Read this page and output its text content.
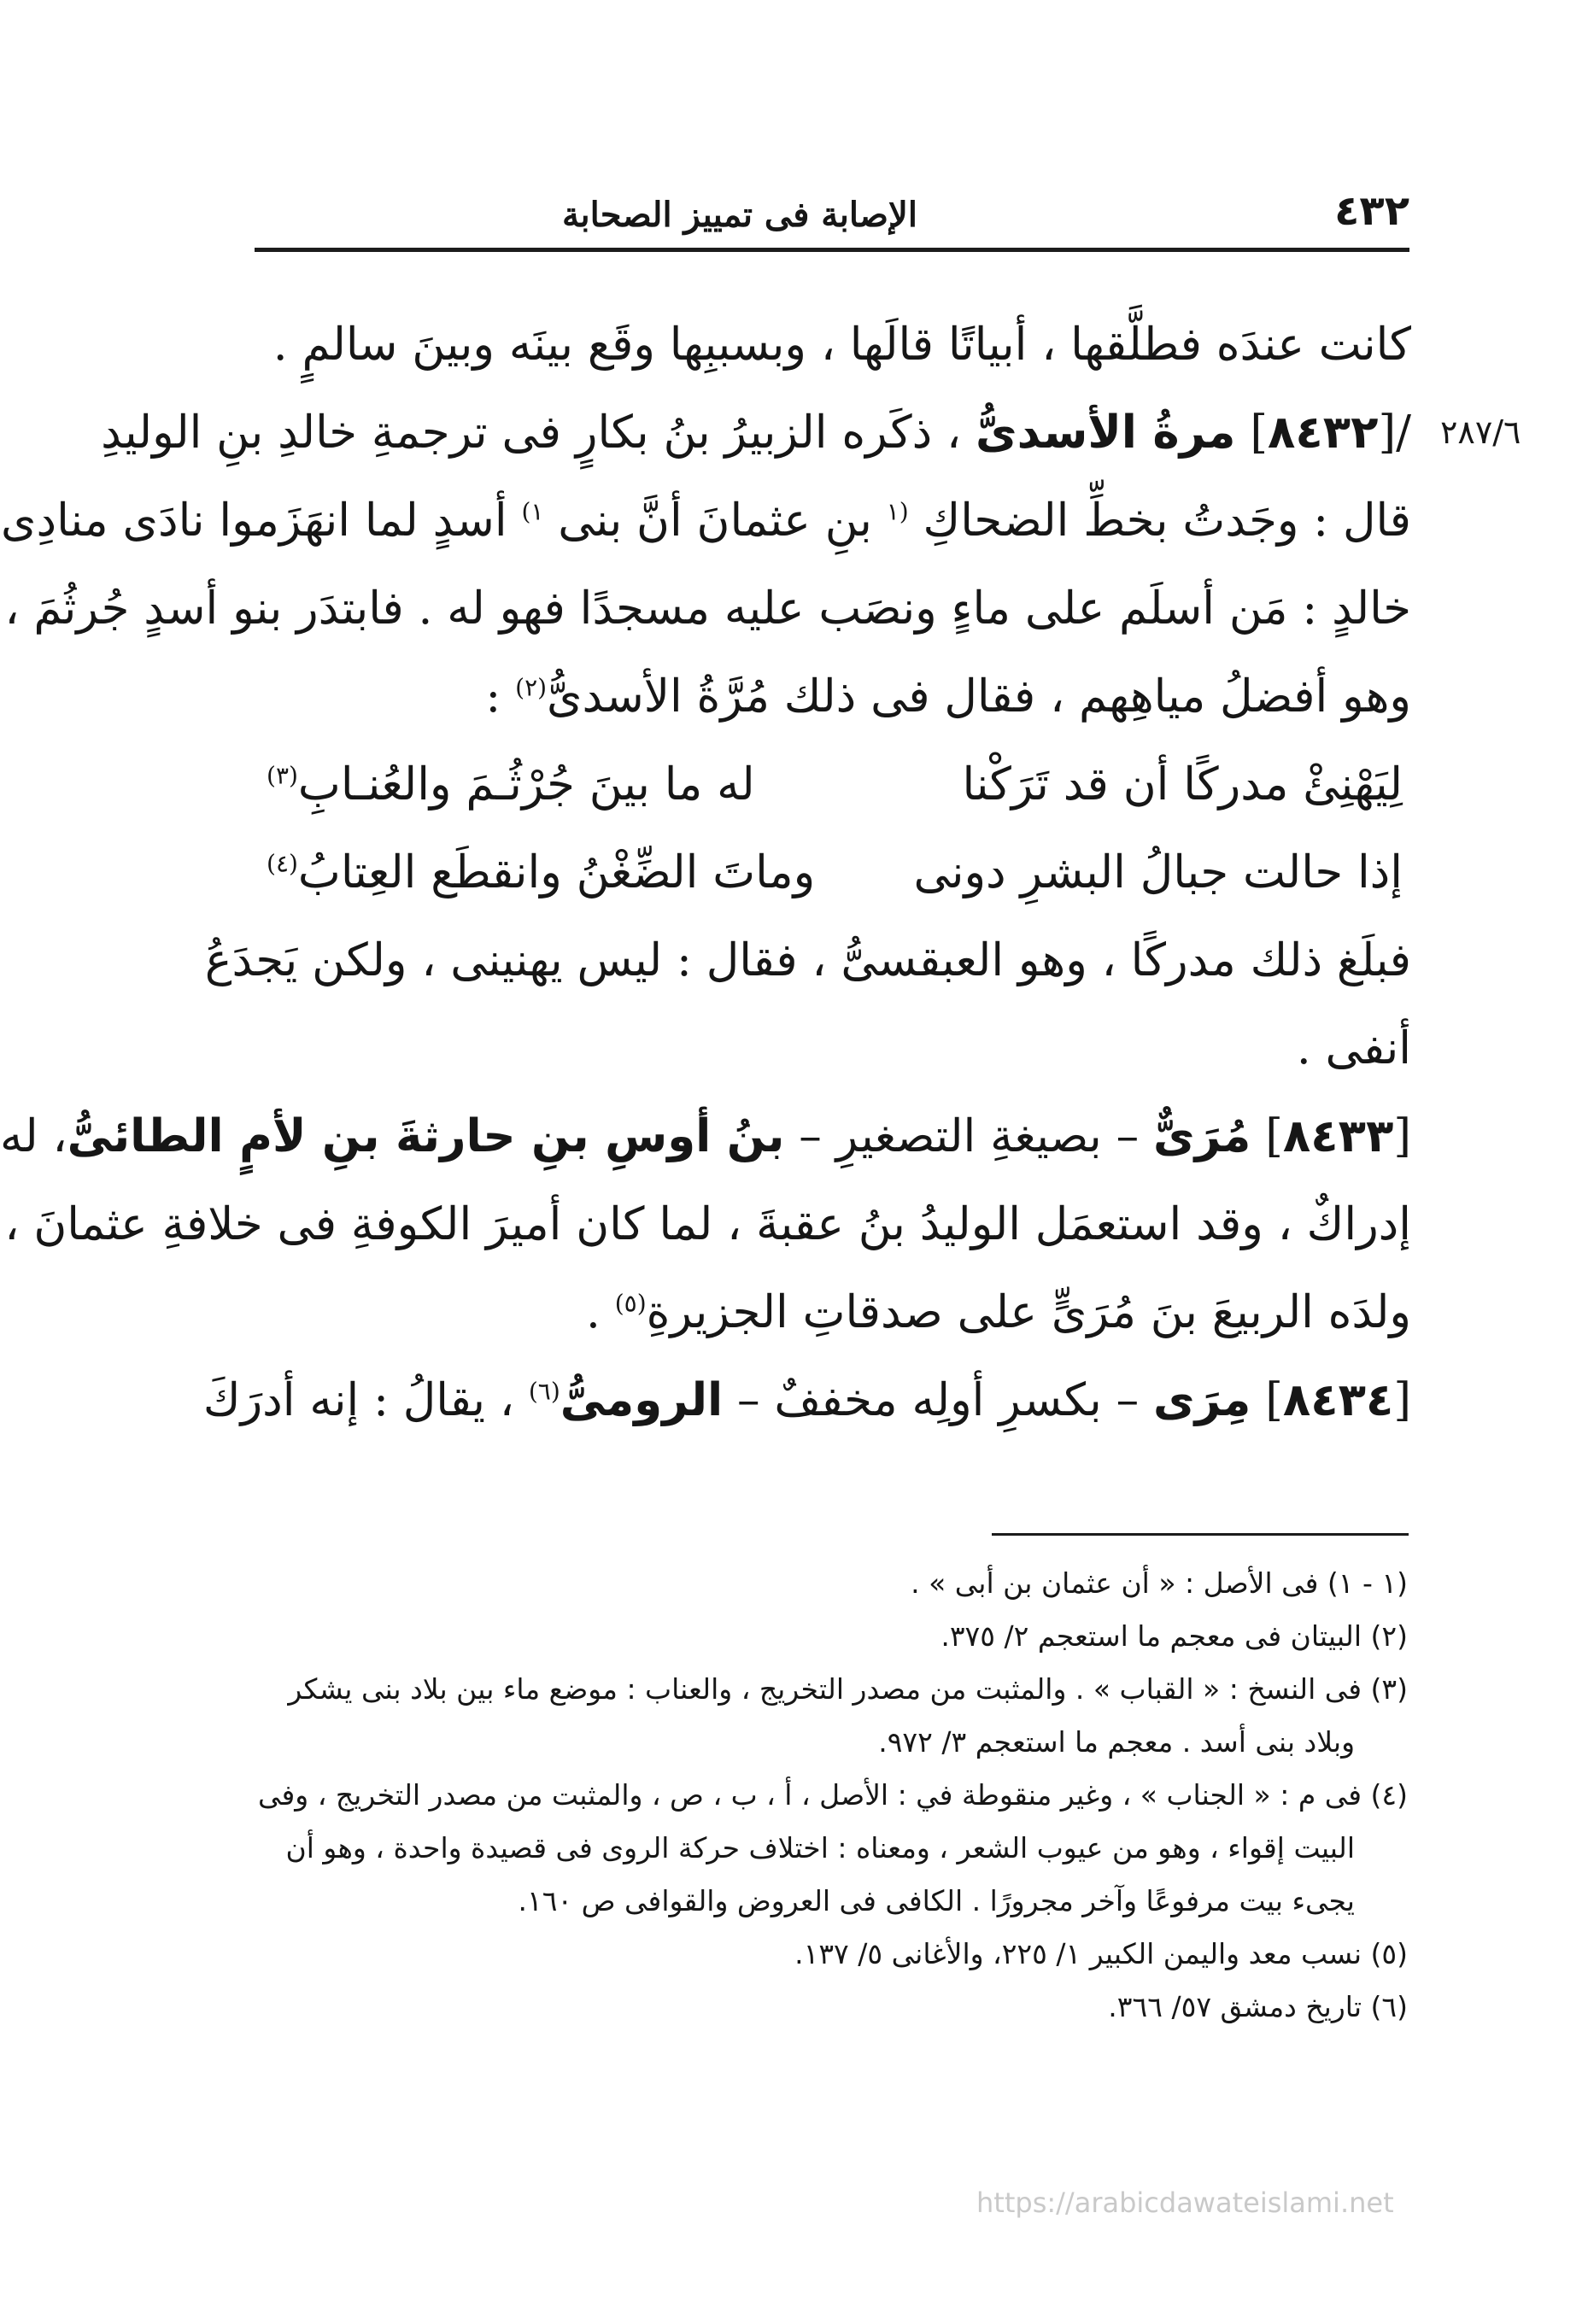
٤٣٢
الإصابة فى تمييز الصحابة
٢٨٧/٦

كانت عندَه فطلَّقها ، أبياتًا قالَها ، وبسببِها وقَع بينَه وبينَ سالمٍ .

/[٨٤٣٢] مرةُ الأسدىُّ ، ذكَره الزبيرُ بنُ بكارٍ فى ترجمةِ خالدِ بنِ الوليدِ

قال : وجَدتُ بخطِّ الضحاكِ $^{(١}$ بنِ عثمانَ أنَّ بنى $^{١)}$ أسدٍ لما انهَزَموا نادَى منادِى

خالدٍ : مَن أسلَم على ماءٍ ونصَب عليه مسجدًا فهو له . فابتدَر بنو أسدٍ جُرثُمَ ،

وهو أفضلُ مياهِهم ، فقال فى ذلك مُرَّةُ الأسدىُّ$^{(٢)}$ :

لِيَهْنِئْ مدركًا أن قد تَرَكْنا
له ما بينَ جُرْثُـمَ والعُنـابِ$^{(٣)}$
إذا حالت جبالُ البشرِ دونى
وماتَ الضِّغْنُ وانقطَع العِتابُ$^{(٤)}$

فبلَغ ذلك مدركًا ، وهو العبقسىُّ ، فقال : ليس يهنينى ، ولكن يَجدَعُ

أنفى .

[٨٤٣٣] مُرَىٌّ – بصيغةِ التصغيرِ – بنُ أوسِ بنِ حارثةَ بنِ لأمٍ الطائىُّ، له

إدراكٌ ، وقد استعمَل الوليدُ بنُ عقبةَ ، لما كان أميرَ الكوفةِ فى خلافةِ عثمانَ ،

ولدَه الربيعَ بنَ مُرَىٍّ على صدقاتِ الجزيرةِ$^{(٥)}$ .

[٨٤٣٤] مِرَى – بكسرِ أولِه مخففٌ – الرومىُّ$^{(٦)}$ ، يقالُ : إنه أدرَكَ

(١ - ١) فى الأصل : « أن عثمان بن أبى » .

(٢) البيتان فى معجم ما استعجم ٢/ ٣٧٥.

(٣) فى النسخ : « القباب » . والمثبت من مصدر التخريج ، والعناب : موضع ماء بين بلاد بنى يشكر

وبلاد بنى أسد . معجم ما استعجم ٣/ ٩٧٢.

(٤) فى م : « الجناب » ، وغير منقوطة في : الأصل ، أ ، ب ، ص ، والمثبت من مصدر التخريج ، وفى

البيت إقواء ، وهو من عيوب الشعر ، ومعناه : اختلاف حركة الروى فى قصيدة واحدة ، وهو أن

يجىء بيت مرفوعًا وآخر مجرورًا . الكافى فى العروض والقوافى ص ١٦٠.

(٥) نسب معد واليمن الكبير ١/ ٢٢٥، والأغانى ٥/ ١٣٧.

(٦) تاريخ دمشق ٥٧/ ٣٦٦.

https://arabicdawateislami.net
